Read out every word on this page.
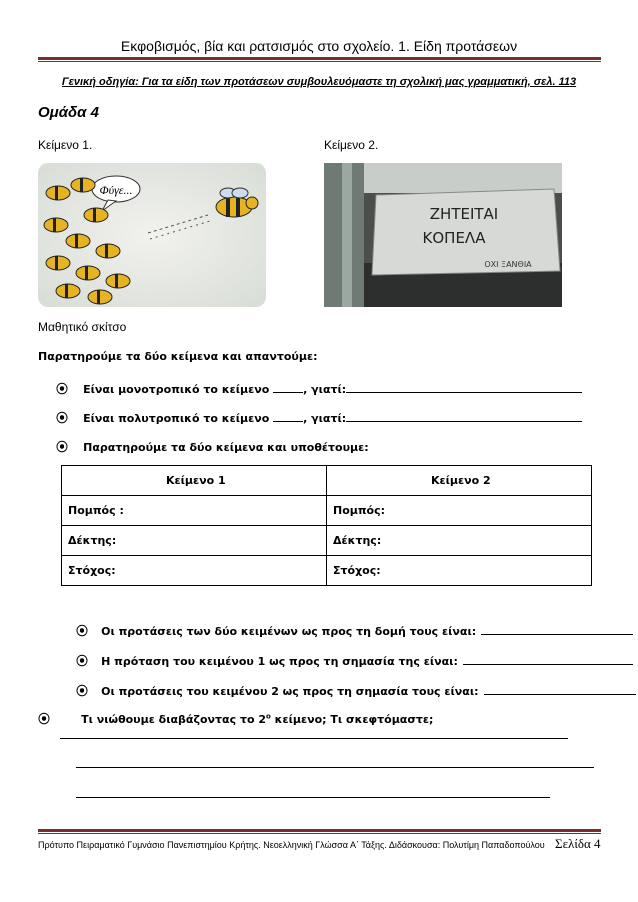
Εκφοβισμός, βία και ρατσισμός στο σχολείο. 1. Είδη προτάσεων
Γενική οδηγία: Για τα είδη των προτάσεων συμβουλευόμαστε τη σχολική μας γραμματική, σελ. 113
Ομάδα 4
Κείμενο 1.	Κείμενο 2.
Φύγε...
ΖΗΤΕΙΤΑΙ
ΚΟΠΕΛΑ
ΟΧΙ ΞΑΝΘΙΑ
Μαθητικό σκίτσο
Παρατηρούμε τα δύο κείμενα και απαντούμε:
⦿ Είναι μονοτροπικό το κείμενο	, γιατί:
⦿ Είναι πολυτροπικό το κείμενο	, γιατί:
⦿ Παρατηρούμε τα δύο κείμενα και υποθέτουμε:
Κείμενο 1	Κείμενο 2
Πομπός :	Πομπός:
Δέκτης:	Δέκτης:
Στόχος:	Στόχος:
⦿ Οι προτάσεις των δύο κειμένων ως προς τη δομή τους είναι:
⦿ Η πρόταση του κειμένου 1 ως προς τη σημασία της είναι:
⦿ Οι προτάσεις του κειμένου 2 ως προς τη σημασία τους είναι:
⦿	Τι νιώθουμε διαβάζοντας το $2^o$ κείμενο; Τι σκεφτόμαστε;
Πρότυπο Πειραματικό Γυμνάσιο Πανεπιστημίου Κρήτης. Νεοελληνική Γλώσσα Α΄ Τάξης. Διδάσκουσα: Πολυτίμη Παπαδοπούλου Σελίδα 4
